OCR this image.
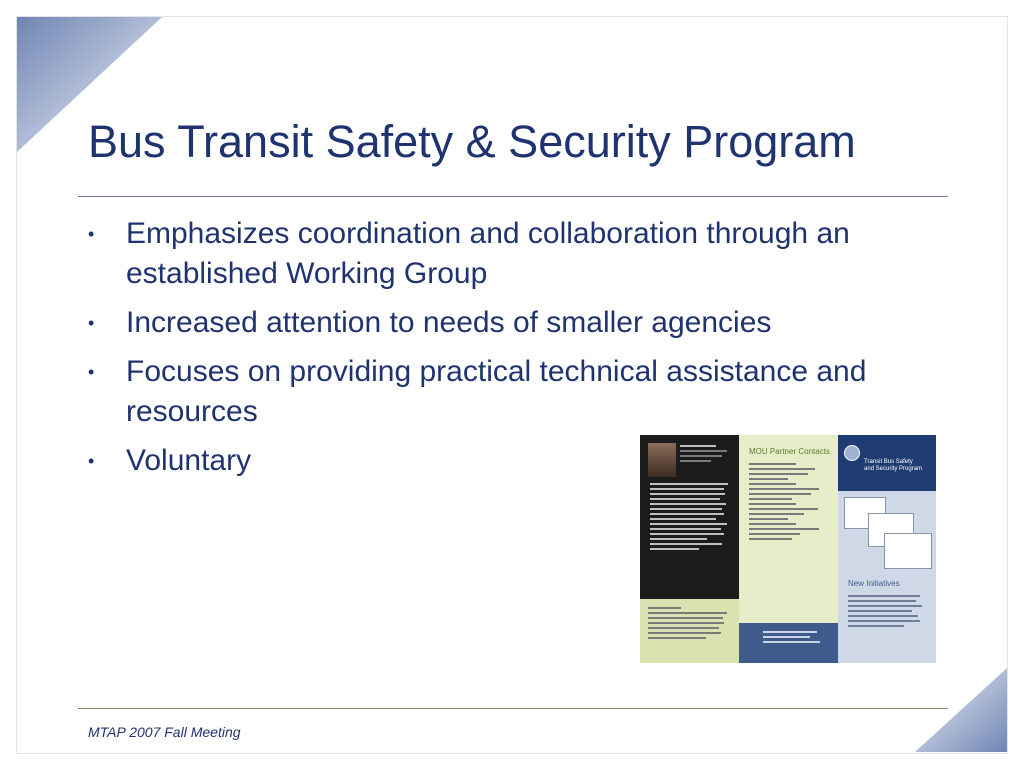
Bus Transit Safety & Security Program
• Emphasizes coordination and collaboration through an established Working Group
• Increased attention to needs of smaller agencies
• Focuses on providing practical technical assistance and resources
• Voluntary	MOU Partner Contacts
Transit Bus Safety
and Security Program
New Initiatives
MTAP 2007 Fall Meeting
